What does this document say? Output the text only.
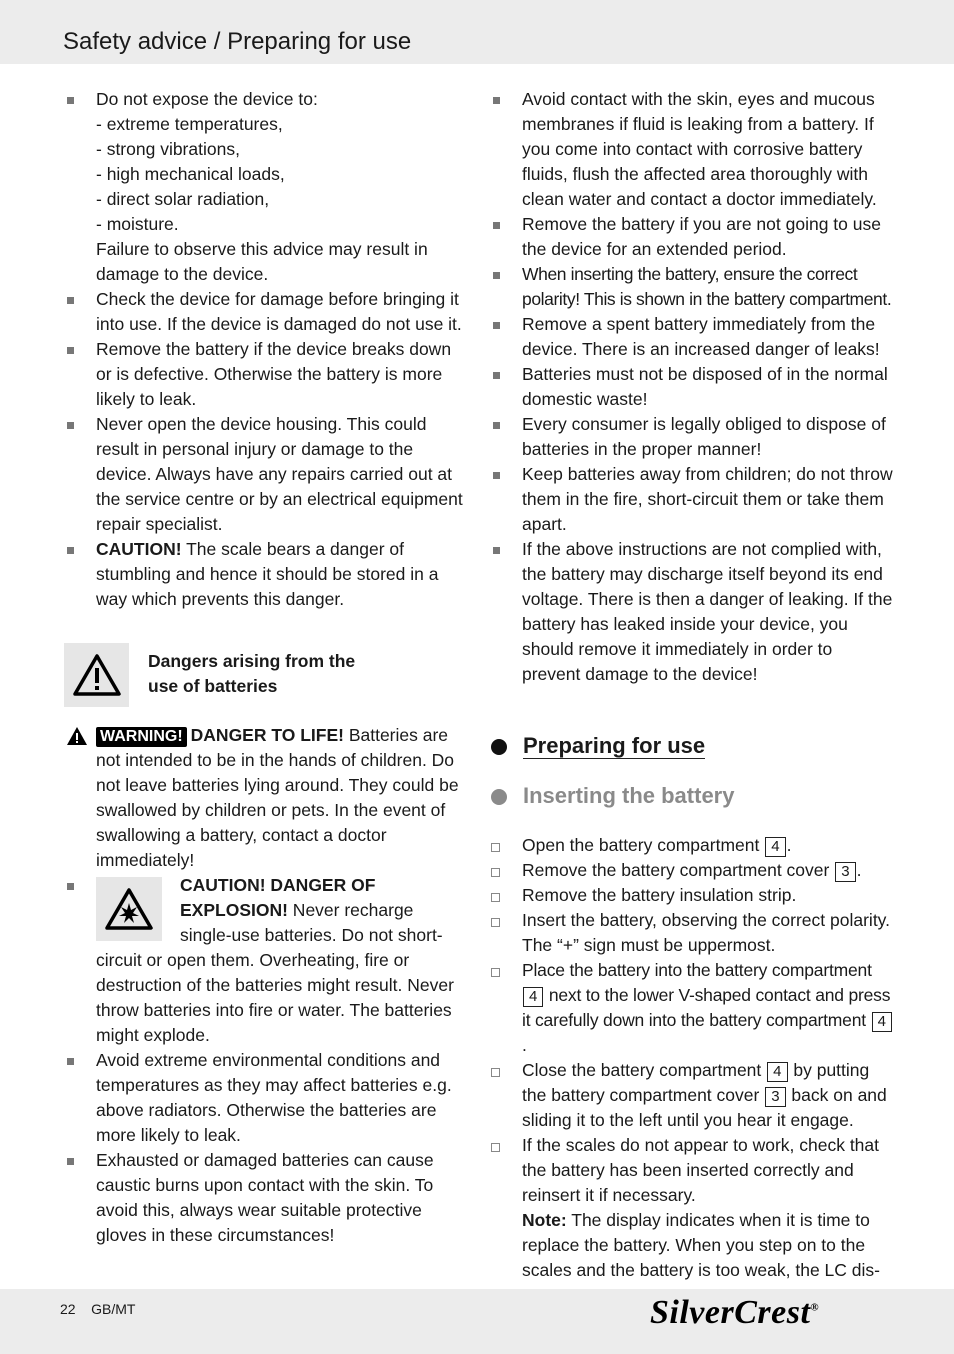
Safety advice / Preparing for use
Do not expose the device to:
- extreme temperatures,
- strong vibrations,
- high mechanical loads,
- direct solar radiation,
- moisture.
Failure to observe this advice may result in damage to the device.
Check the device for damage before bringing it into use. If the device is damaged do not use it.
Remove the battery if the device breaks down or is defective. Otherwise the battery is more likely to leak.
Never open the device housing. This could result in personal injury or damage to the device. Always have any repairs carried out at the service centre or by an electrical equipment repair specialist.
CAUTION! The scale bears a danger of stumbling and hence it should be stored in a way which prevents this danger.
Dangers arising from the
use of batteries
WARNING! DANGER TO LIFE! Batteries are not intended to be in the hands of children. Do not leave batteries lying around. They could be swallowed by children or pets. In the event of swallowing a battery, contact a doctor immediately!
CAUTION! DANGER OF EXPLOSION! Never recharge single-use batteries. Do not short-circuit or open them. Overheating, fire or destruction of the batteries might result. Never throw batteries into fire or water. The batteries might explode.
Avoid extreme environmental conditions and temperatures as they may affect batteries e.g. above radiators. Otherwise the batteries are more likely to leak.
Exhausted or damaged batteries can cause caustic burns upon contact with the skin. To avoid this, always wear suitable protective gloves in these circumstances!
Avoid contact with the skin, eyes and mucous membranes if fluid is leaking from a battery. If you come into contact with corrosive battery fluids, flush the affected area thoroughly with clean water and contact a doctor immediately.
Remove the battery if you are not going to use the device for an extended period.
When inserting the battery, ensure the correct polarity! This is shown in the battery compartment.
Remove a spent battery immediately from the device. There is an increased danger of leaks!
Batteries must not be disposed of in the normal domestic waste!
Every consumer is legally obliged to dispose of batteries in the proper manner!
Keep batteries away from children; do not throw them in the fire, short-circuit them or take them apart.
If the above instructions are not complied with, the battery may discharge itself beyond its end voltage. There is then a danger of leaking. If the battery has leaked inside your device, you should remove it immediately in order to prevent damage to the device!
Preparing for use
Inserting the battery
Open the battery compartment 4 .
Remove the battery compartment cover 3 .
Remove the battery insulation strip.
Insert the battery, observing the correct polarity. The “+” sign must be uppermost.
Place the battery into the battery compartment 4 next to the lower V-shaped contact and press it carefully down into the battery compartment 4.
Close the battery compartment 4 by putting the battery compartment cover 3 back on and sliding it to the left until you hear it engage.
If the scales do not appear to work, check that the battery has been inserted correctly and reinsert it if necessary.
Note: The display indicates when it is time to replace the battery. When you step on to the scales and the battery is too weak, the LC dis-
22    GB/MT	SilverCrest®
